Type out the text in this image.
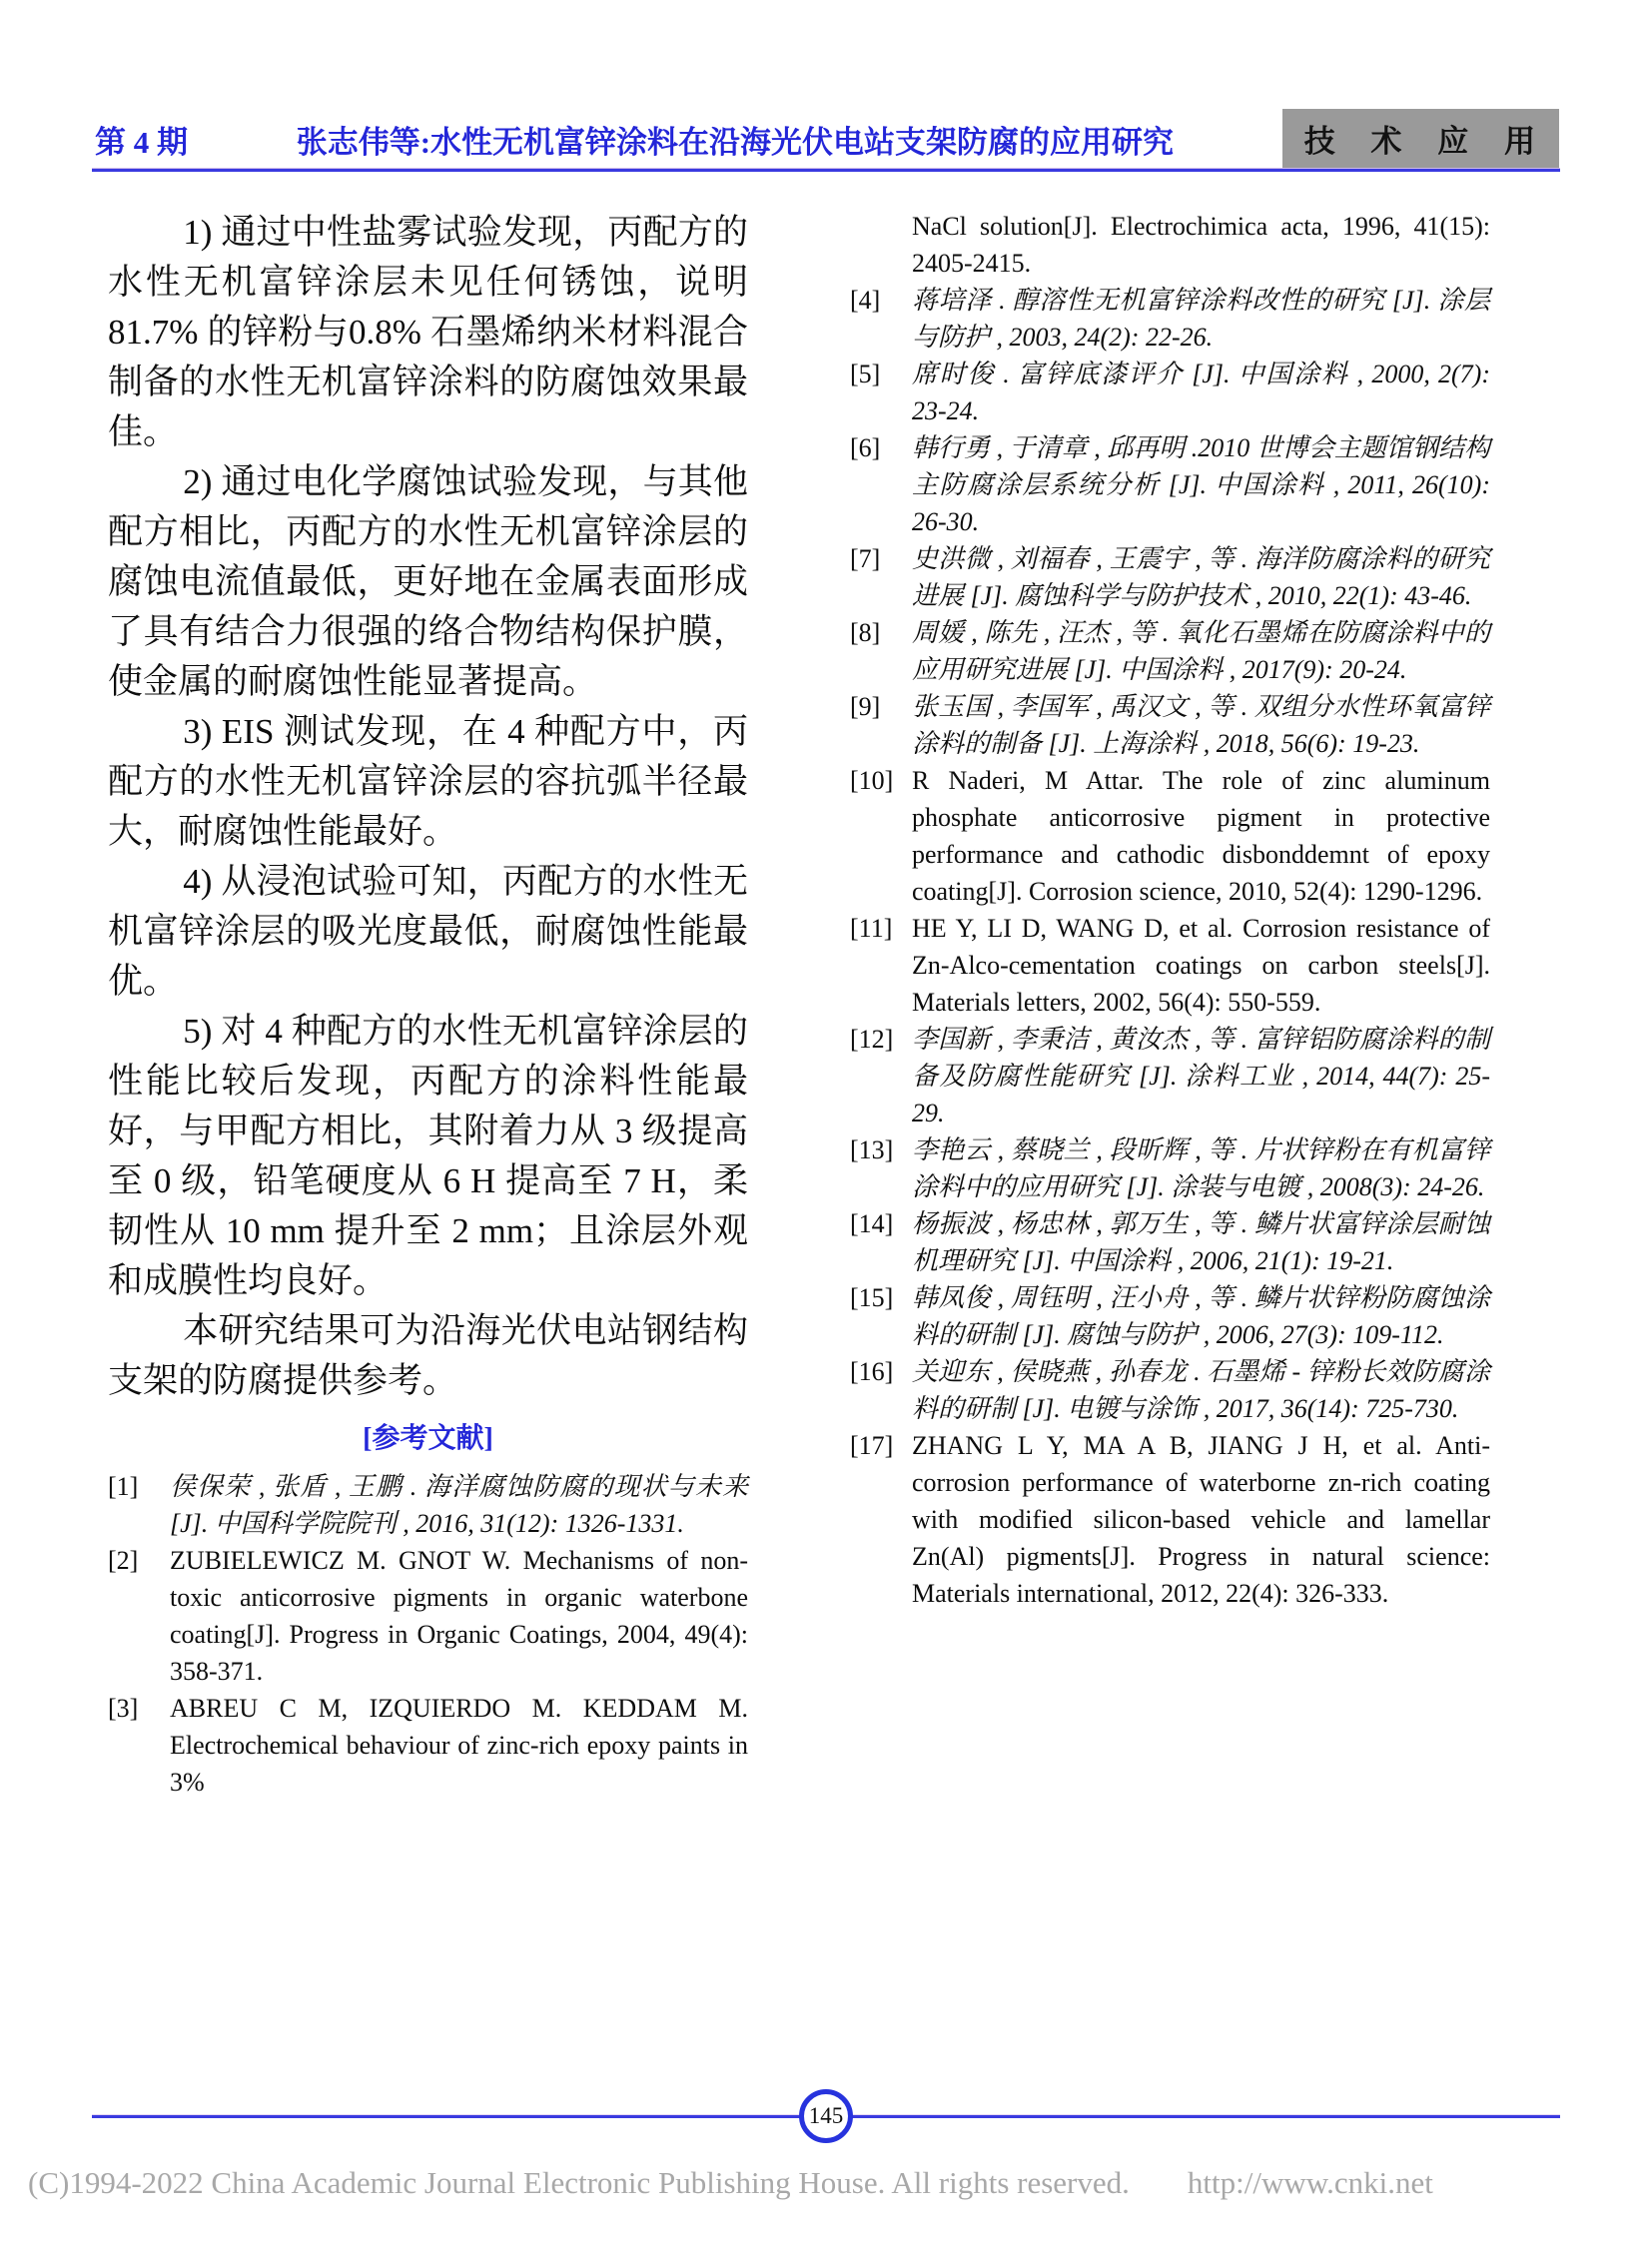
第 4 期	张志伟等:水性无机富锌涂料在沿海光伏电站支架防腐的应用研究	技 术 应 用

1) 通过中性盐雾试验发现，丙配方的水性无机富锌涂层未见任何锈蚀，说明 81.7% 的锌粉与0.8% 石墨烯纳米材料混合制备的水性无机富锌涂料的防腐蚀效果最佳。

2) 通过电化学腐蚀试验发现，与其他配方相比，丙配方的水性无机富锌涂层的腐蚀电流值最低，更好地在金属表面形成了具有结合力很强的络合物结构保护膜，使金属的耐腐蚀性能显著提高。

3) EIS 测试发现，在 4 种配方中，丙配方的水性无机富锌涂层的容抗弧半径最大，耐腐蚀性能最好。

4) 从浸泡试验可知，丙配方的水性无机富锌涂层的吸光度最低，耐腐蚀性能最优。

5) 对 4 种配方的水性无机富锌涂层的性能比较后发现，丙配方的涂料性能最好，与甲配方相比，其附着力从 3 级提高至 0 级，铅笔硬度从 6 H 提高至 7 H，柔韧性从 10 mm 提升至 2 mm；且涂层外观和成膜性均良好。

本研究结果可为沿海光伏电站钢结构支架的防腐提供参考。

[参考文献]
[1]	侯保荣 , 张盾 , 王鹏 . 海洋腐蚀防腐的现状与未来 [J]. 中国科学院院刊 , 2016, 31(12): 1326-1331.
[2]	ZUBIELEWICZ M. GNOT W. Mechanisms of non-toxic anticorrosive pigments in organic waterbone coating[J]. Progress in Organic Coatings, 2004, 49(4): 358-371.
[3]	ABREU C M, IZQUIERDO M. KEDDAM M. Electrochemical behaviour of zinc-rich epoxy paints in 3%
NaCl solution[J]. Electrochimica acta, 1996, 41(15): 2405-2415.
[4]	蒋培泽 . 醇溶性无机富锌涂料改性的研究 [J]. 涂层与防护 , 2003, 24(2): 22-26.
[5]	席时俊 . 富锌底漆评介 [J]. 中国涂料 , 2000, 2(7): 23-24.
[6]	韩行勇 , 于清章 , 邱再明 .2010 世博会主题馆钢结构主防腐涂层系统分析 [J]. 中国涂料 , 2011, 26(10): 26-30.
[7]	史洪微 , 刘福春 , 王震宇 , 等 . 海洋防腐涂料的研究进展 [J]. 腐蚀科学与防护技术 , 2010, 22(1): 43-46.
[8]	周媛 , 陈先 , 汪杰 , 等 . 氧化石墨烯在防腐涂料中的应用研究进展 [J]. 中国涂料 , 2017(9): 20-24.
[9]	张玉国 , 李国军 , 禹汉文 , 等 . 双组分水性环氧富锌涂料的制备 [J]. 上海涂料 , 2018, 56(6): 19-23.
[10] R Naderi, M Attar. The role of zinc aluminum phosphate anticorrosive pigment in protective performance and cathodic disbonddemnt of epoxy coating[J]. Corrosion science, 2010, 52(4): 1290-1296.
[11] HE Y, LI D, WANG D, et al. Corrosion resistance of Zn-Alco-cementation coatings on carbon steels[J]. Materials letters, 2002, 56(4): 550-559.
[12] 李国新 , 李秉洁 , 黄汝杰 , 等 . 富锌铝防腐涂料的制备及防腐性能研究 [J]. 涂料工业 , 2014, 44(7): 25-29.
[13] 李艳云 , 蔡晓兰 , 段昕辉 , 等 . 片状锌粉在有机富锌涂料中的应用研究 [J]. 涂装与电镀 , 2008(3): 24-26.
[14] 杨振波 , 杨忠林 , 郭万生 , 等 . 鳞片状富锌涂层耐蚀机理研究 [J]. 中国涂料 , 2006, 21(1): 19-21.
[15] 韩凤俊 , 周钰明 , 汪小舟 , 等 . 鳞片状锌粉防腐蚀涂料的研制 [J]. 腐蚀与防护 , 2006, 27(3): 109-112.
[16] 关迎东 , 侯晓燕 , 孙春龙 . 石墨烯 - 锌粉长效防腐涂料的研制 [J]. 电镀与涂饰 , 2017, 36(14): 725-730.
[17] ZHANG L Y, MA A B, JIANG J H, et al. Anti-corrosion performance of waterborne zn-rich coating with modified silicon-based vehicle and lamellar Zn(Al) pigments[J]. Progress in natural science: Materials international, 2012, 22(4): 326-333.
145
(C)1994-2022 China Academic Journal Electronic Publishing House. All rights reserved. http://www.cnki.net
